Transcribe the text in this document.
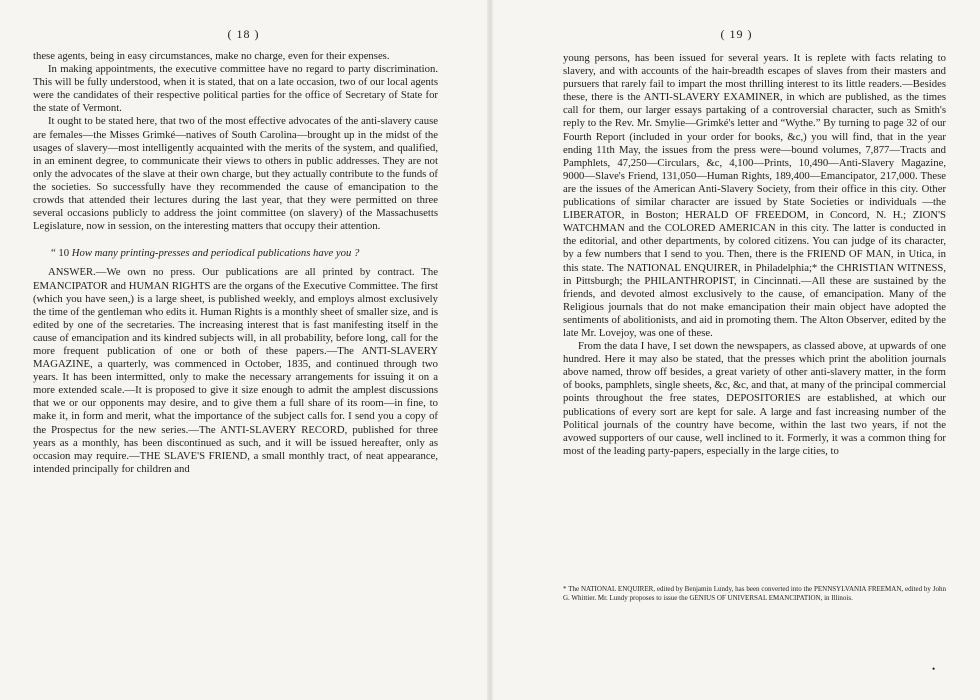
( 18 )

these agents, being in easy circumstances, make no charge, even for their expenses.

In making appointments, the executive committee have no regard to party discrimination. This will be fully understood, when it is stated, that on a late occasion, two of our local agents were the candidates of their respective political parties for the office of Secretary of State for the state of Vermont.

It ought to be stated here, that two of the most effective advocates of the anti-slavery cause are females—the Misses Grimké—natives of South Carolina—brought up in the midst of the usages of slavery—most intelligently acquainted with the merits of the system, and qualified, in an eminent degree, to communicate their views to others in public addresses. They are not only the advocates of the slave at their own charge, but they actually contribute to the funds of the societies. So successfully have they recommended the cause of emancipation to the crowds that attended their lectures during the last year, that they were permitted on three several occasions publicly to address the joint committee (on slavery) of the Massachusetts Legislature, now in session, on the interesting matters that occupy their attention.

“ 10 How many printing-presses and periodical publications have you ?

ANSWER.—We own no press. Our publications are all printed by contract. The EMANCIPATOR and HUMAN RIGHTS are the organs of the Executive Committee. The first (which you have seen,) is a large sheet, is published weekly, and employs almost exclusively the time of the gentleman who edits it. Human Rights is a monthly sheet of smaller size, and is edited by one of the secretaries. The increasing interest that is fast manifesting itself in the cause of emancipation and its kindred subjects will, in all probability, before long, call for the more frequent publication of one or both of these papers.—The ANTI-SLAVERY MAGAZINE, a quarterly, was commenced in October, 1835, and continued through two years. It has been intermitted, only to make the necessary arrangements for issuing it on a more extended scale.—It is proposed to give it size enough to admit the amplest discussions that we or our opponents may desire, and to give them a full share of its room—in fine, to make it, in form and merit, what the importance of the subject calls for. I send you a copy of the Prospectus for the new series.—The ANTI-SLAVERY RECORD, published for three years as a monthly, has been discontinued as such, and it will be issued hereafter, only as occasion may require.—THE SLAVE'S FRIEND, a small monthly tract, of neat appearance, intended principally for children and

( 19 )

young persons, has been issued for several years. It is replete with facts relating to slavery, and with accounts of the hair-breadth escapes of slaves from their masters and pursuers that rarely fail to impart the most thrilling interest to its little readers.—Besides these, there is the ANTI-SLAVERY EXAMINER, in which are published, as the times call for them, our larger essays partaking of a controversial character, such as Smith's reply to the Rev. Mr. Smylie—Grimké's letter and “Wythe.” By turning to page 32 of our Fourth Report (included in your order for books, &c,) you will find, that in the year ending 11th May, the issues from the press were—bound volumes, 7,877—Tracts and Pamphlets, 47,250—Circulars, &c, 4,100—Prints, 10,490—Anti-Slavery Magazine, 9000—Slave's Friend, 131,050—Human Rights, 189,400—Emancipator, 217,000. These are the issues of the American Anti-Slavery Society, from their office in this city. Other publications of similar character are issued by State Societies or individuals —the LIBERATOR, in Boston; HERALD OF FREEDOM, in Concord, N. H.; ZION'S WATCHMAN and the COLORED AMERICAN in this city. The latter is conducted in the editorial, and other departments, by colored citizens. You can judge of its character, by a few numbers that I send to you. Then, there is the FRIEND OF MAN, in Utica, in this state. The NATIONAL ENQUIRER, in Philadelphia;* the CHRISTIAN WITNESS, in Pittsburgh; the PHILANTHROPIST, in Cincinnati.—All these are sustained by the friends, and devoted almost exclusively to the cause, of emancipation. Many of the Religious journals that do not make emancipation their main object have adopted the sentiments of abolitionists, and aid in promoting them. The Alton Observer, edited by the late Mr. Lovejoy, was one of these.

From the data I have, I set down the newspapers, as classed above, at upwards of one hundred. Here it may also be stated, that the presses which print the abolition journals above named, throw off besides, a great variety of other anti-slavery matter, in the form of books, pamphlets, single sheets, &c, &c, and that, at many of the principal commercial points throughout the free states, DEPOSITORIES are established, at which our publications of every sort are kept for sale. A large and fast increasing number of the Political journals of the country have become, within the last two years, if not the avowed supporters of our cause, well inclined to it. Formerly, it was a common thing for most of the leading party-papers, especially in the large cities, to

* The NATIONAL ENQUIRER, edited by Benjamin Lundy, has been converted into the PENNSYLVANIA FREEMAN, edited by John G. Whittier. Mr. Lundy proposes to issue the GENIUS OF UNIVERSAL EMANCIPATION, in Illinois.
•
